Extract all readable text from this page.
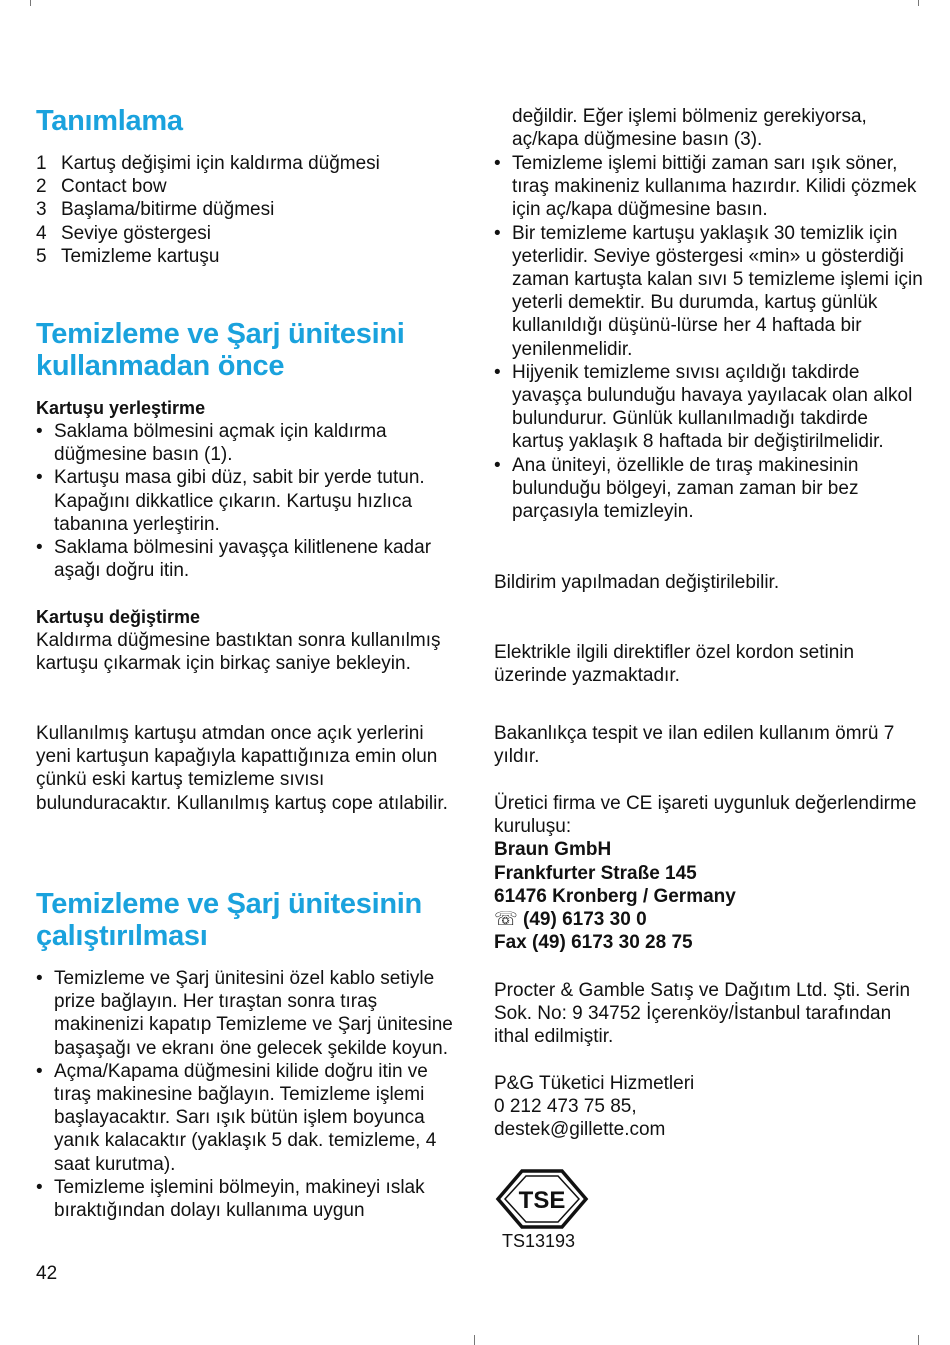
Tanımlama
1 Kartuş değişimi için kaldırma düğmesi
2 Contact bow
3 Başlama/bitirme düğmesi
4 Seviye göstergesi
5 Temizleme kartuşu
Temizleme ve Şarj ünitesini
kullanmadan önce

Kartuşu yerleştirme

• Saklama bölmesini açmak için kaldırma düğmesine basın (1).
• Kartuşu masa gibi düz, sabit bir yerde tutun. Kapağını dikkatlice çıkarın. Kartuşu hızlıca tabanına yerleştirin.
• Saklama bölmesini yavaşça kilitlenene kadar aşağı doğru itin.

Kartuşu değiştirme

Kaldırma düğmesine bastıktan sonra kullanılmış kartuşu çıkarmak için birkaç saniye bekleyin.

Kullanılmış kartuşu atmdan once açık yerlerini yeni kartuşun kapağıyla kapattığınıza emin olun çünkü eski kartuş temizleme sıvısı bulunduracaktır. Kullanılmış kartuş cope atılabilir.

Temizleme ve Şarj ünitesinin
çalıştırılması
• Temizleme ve Şarj ünitesini özel kablo setiyle prize bağlayın. Her tıraştan sonra tıraş makinenizi kapatıp Temizleme ve Şarj ünitesine başaşağı ve ekranı öne gelecek şekilde koyun.
• Açma/Kapama düğmesini kilide doğru itin ve tıraş makinesine bağlayın. Temizleme işlemi başlayacaktır. Sarı ışık bütün işlem boyunca yanık kalacaktır (yaklaşık 5 dak. temizleme, 4 saat kurutma).
• Temizleme işlemini bölmeyin, makineyi ıslak bıraktığından dolayı kullanıma uygun

değildir. Eğer işlemi bölmeniz gerekiyorsa, aç/kapa düğmesine basın (3).

• Temizleme işlemi bittiği zaman sarı ışık söner, tıraş makineniz kullanıma hazırdır. Kilidi çözmek için aç/kapa düğmesine basın.
• Bir temizleme kartuşu yaklaşık 30 temizlik için yeterlidir. Seviye göstergesi «min» u gösterdiği zaman kartuşta kalan sıvı 5 temizleme işlemi için yeterli demektir. Bu durumda, kartuş günlük kullanıldığı düşünü-lürse her 4 haftada bir yenilenmelidir.
• Hijyenik temizleme sıvısı açıldığı takdirde yavaşça bulunduğu havaya yayılacak olan alkol bulundurur. Günlük kullanılmadığı takdirde kartuş yaklaşık 8 haftada bir değiştirilmelidir.
• Ana üniteyi, özellikle de tıraş makinesinin bulunduğu bölgeyi, zaman zaman bir bez parçasıyla temizleyin.

Bildirim yapılmadan değiştirilebilir.

Elektrikle ilgili direktifler özel kordon setinin üzerinde yazmaktadır.

Bakanlıkça tespit ve ilan edilen kullanım ömrü 7 yıldır.

Üretici firma ve CE işareti uygunluk değerlendirme kuruluşu:
Braun GmbH
Frankfurter Straße 145
61476 Kronberg / Germany
☏ (49) 6173 30 0
Fax (49) 6173 30 28 75

Procter & Gamble Satış ve Dağıtım Ltd. Şti. Serin Sok. No: 9 34752 İçerenköy/İstanbul tarafından ithal edilmiştir.

P&G Tüketici Hizmetleri
0 212 473 75 85,
destek@gillette.com
TSE
TS13193
42
